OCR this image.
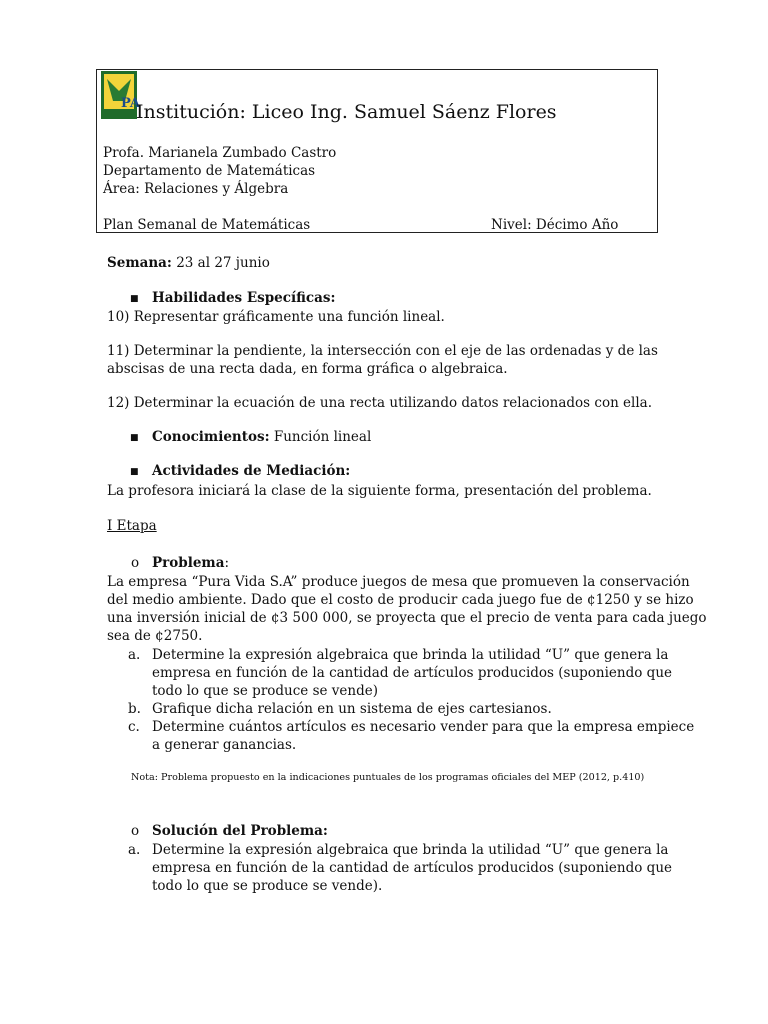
PA
Institución: Liceo Ing. Samuel Sáenz Flores
Profa. Marianela Zumbado Castro
Departamento de Matemáticas
Área: Relaciones y Álgebra
Plan Semanal de Matemáticas	Nivel: Décimo Año
Semana: 23 al 27 junio
■ Habilidades Específicas:
10) Representar gráficamente una función lineal.
11) Determinar la pendiente, la intersección con el eje de las ordenadas y de las
abscisas de una recta dada, en forma gráfica o algebraica.
12) Determinar la ecuación de una recta utilizando datos relacionados con ella.
■ Conocimientos: Función lineal
■ Actividades de Mediación:
La profesora iniciará la clase de la siguiente forma, presentación del problema.
I Etapa
o Problema:
La empresa “Pura Vida S.A” produce juegos de mesa que promueven la conservación
del medio ambiente. Dado que el costo de producir cada juego fue de ¢1250 y se hizo
una inversión inicial de ¢3 500 000, se proyecta que el precio de venta para cada juego
sea de ¢2750.
a. Determine la expresión algebraica que brinda la utilidad “U” que genera la
empresa en función de la cantidad de artículos producidos (suponiendo que
todo lo que se produce se vende)
b. Grafique dicha relación en un sistema de ejes cartesianos.
c. Determine cuántos artículos es necesario vender para que la empresa empiece
a generar ganancias.
Nota: Problema propuesto en la indicaciones puntuales de los programas oficiales del MEP (2012, p.410)
o Solución del Problema:
a. Determine la expresión algebraica que brinda la utilidad “U” que genera la
empresa en función de la cantidad de artículos producidos (suponiendo que
todo lo que se produce se vende).
